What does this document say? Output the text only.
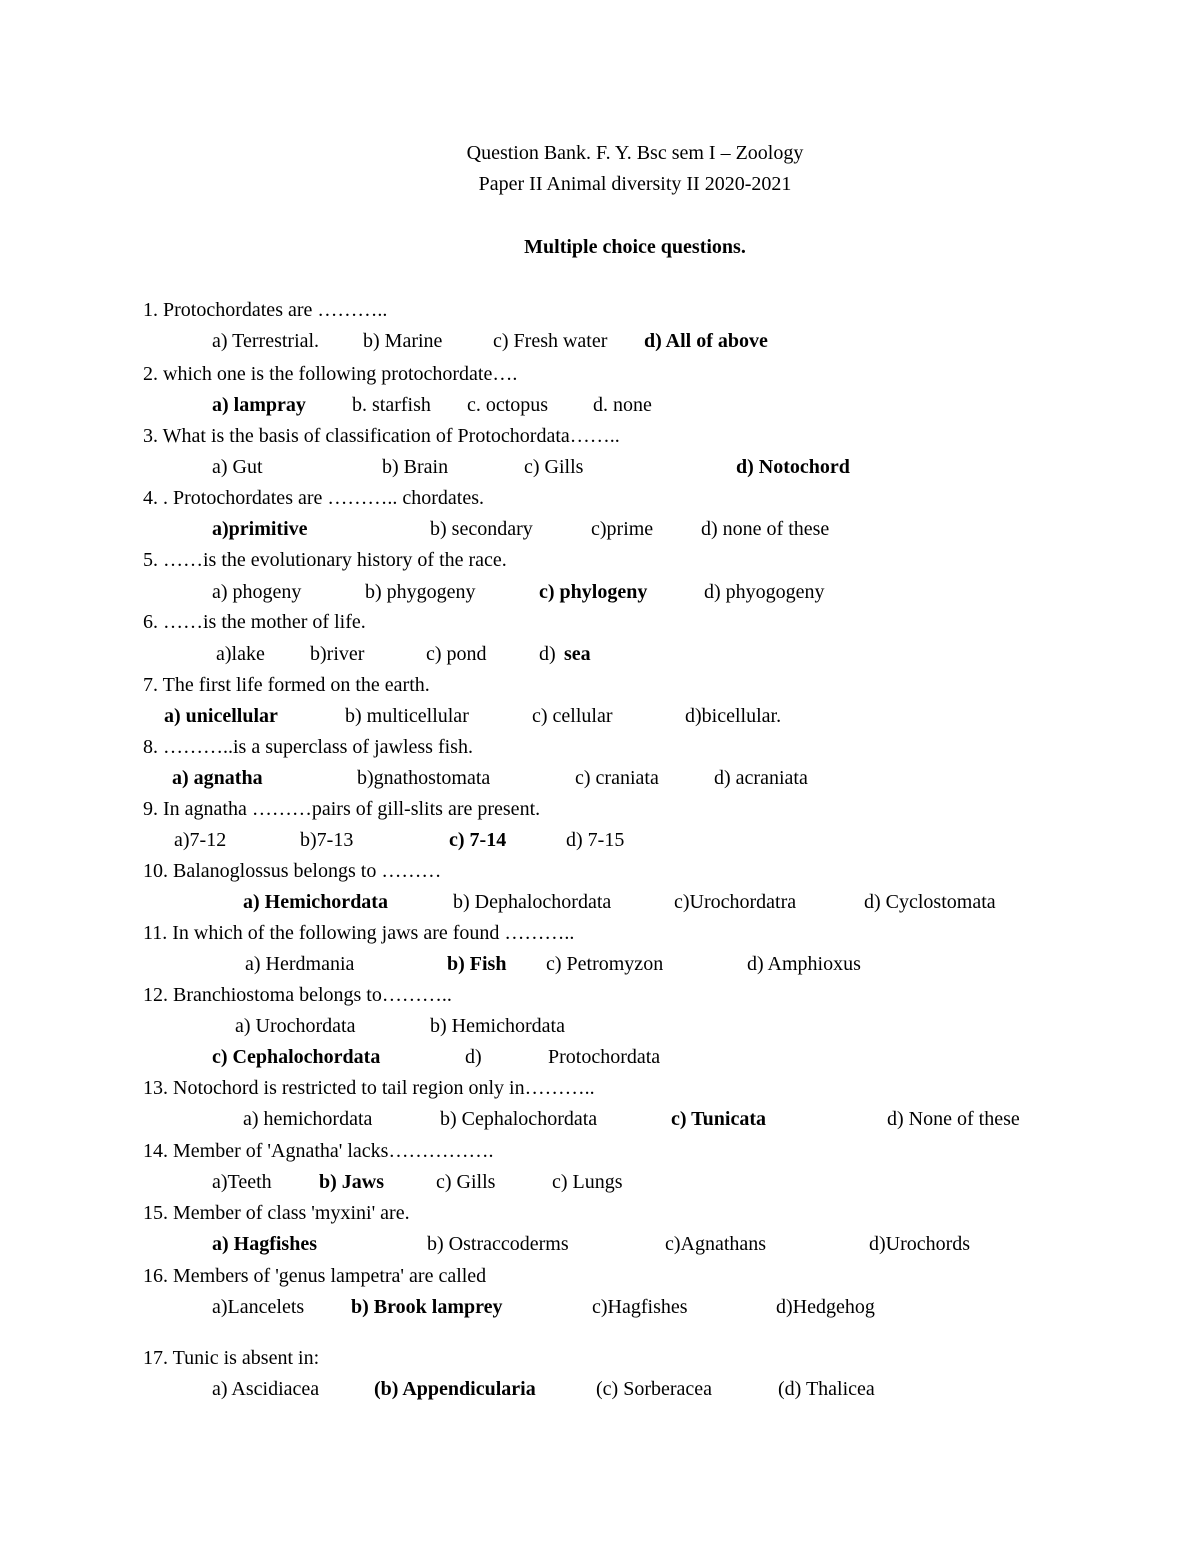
Question Bank. F. Y. Bsc sem I – Zoology
Paper II Animal diversity II 2020-2021
Multiple choice questions.
1. Protochordates are ………..
a) Terrestrial. b) Marine	c) Fresh water d) All of above
2. which one is the following protochordate….
a) lampray b. starfish c. octopus d. none
3. What is the basis of classification of Protochordata……..
a) Gut	b) Brain	c) Gills	d) Notochord
4. . Protochordates are ……….. chordates.
a)primitive	b) secondary	c)prime d) none of these
5. ……is the evolutionary history of the race.
a) phogeny	b) phygogeny	c) phylogeny	d) phyogogeny
6. ……is the mother of life.
a)lake b)river	c) pond	d) sea
7. The first life formed on the earth.
a) unicellular	b) multicellular	c) cellular	d)bicellular.
8. ………..is a superclass of jawless fish.
a) agnatha	b)gnathostomata	c) craniata	d) acraniata
9. In agnatha ………pairs of gill-slits are present.
a)7-12	b)7-13	c) 7-14	d) 7-15
10. Balanoglossus belongs to ………
a) Hemichordata	b) Dephalochordata	c)Urochordatra	d) Cyclostomata
11. In which of the following jaws are found ………..
a) Herdmania	b) Fish c) Petromyzon	d) Amphioxus
12. Branchiostoma belongs to………..
a) Urochordata	b) Hemichordata
c) Cephalochordata	d)	Protochordata
13. Notochord is restricted to tail region only in………..
a) hemichordata	b) Cephalochordata	c) Tunicata	d) None of these
14. Member of 'Agnatha' lacks…………….
a)Teeth b) Jaws	c) Gills	c) Lungs
15. Member of class 'myxini' are.
a) Hagfishes	b) Ostraccoderms	c)Agnathans	d)Urochords
16. Members of 'genus lampetra' are called
a)Lancelets b) Brook lamprey	c)Hagfishes	d)Hedgehog
17. Tunic is absent in:
a) Ascidiacea	(b) Appendicularia	(c) Sorberacea	(d) Thalicea
